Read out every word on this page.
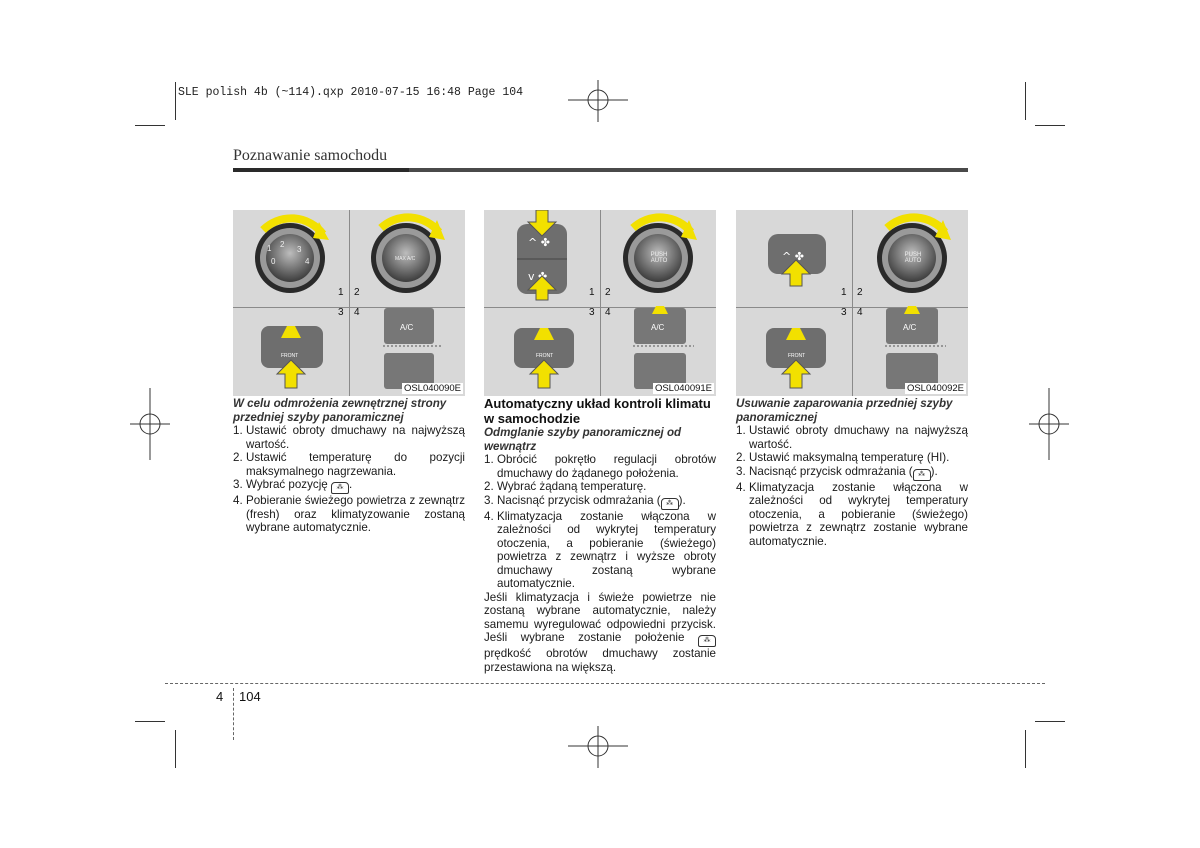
SLE polish 4b (~114).qxp 2010-07-15 16:48 Page 104
Poznawanie samochodu
1 2
3
4
0	MAX A/C
FRONT
A/C
1 2
3 4
OSL040090E
^ ✤
v ✤
PUSH AUTO
FRONT
A/C
1 2
3 4
OSL040091E
^ ✤	PUSH AUTO
FRONT
A/C
1 2
3 4
OSL040092E
W celu odmrożenia zewnętrznej strony przedniej szyby panoramicznej
1. Ustawić obroty dmuchawy na najwyższą wartość.
2. Ustawić temperaturę do pozycji maksymalnego nagrzewania.
3. Wybrać pozycję ⁂ .
4. Pobieranie świeżego powietrza z zewnątrz (fresh) oraz klimatyzowanie zostaną wybrane automatycznie.
Automatyczny układ kontroli klimatu w samochodzie
Odmglanie szyby panoramicznej od wewnątrz
1. Obrócić pokrętło regulacji obrotów dmuchawy do żądanego położenia.
2. Wybrać żądaną temperaturę.
3. Nacisnąć przycisk odmrażania ( ⁂ ).
4. Klimatyzacja zostanie włączona w zależności od wykrytej temperatury otoczenia, a pobieranie (świeżego) powietrza z zewnątrz i wyższe obroty dmuchawy zostaną wybrane automatycznie.
Jeśli klimatyzacja i świeże powietrze nie zostaną wybrane automatycznie, należy samemu wyregulować odpowiedni przycisk. Jeśli wybrane zostanie położenie	⁂ prędkość obrotów dmuchawy zostanie przestawiona na większą.
Usuwanie zaparowania przedniej szyby panoramicznej
1. Ustawić obroty dmuchawy na najwyższą wartość.
2. Ustawić maksymalną temperaturę (HI).
3. Nacisnąć przycisk odmrażania ( ⁂ ).
4. Klimatyzacja zostanie włączona w zależności od wykrytej temperatury otoczenia, a pobieranie (świeżego) powietrza z zewnątrz zostanie wybrane automatycznie.
4 104
